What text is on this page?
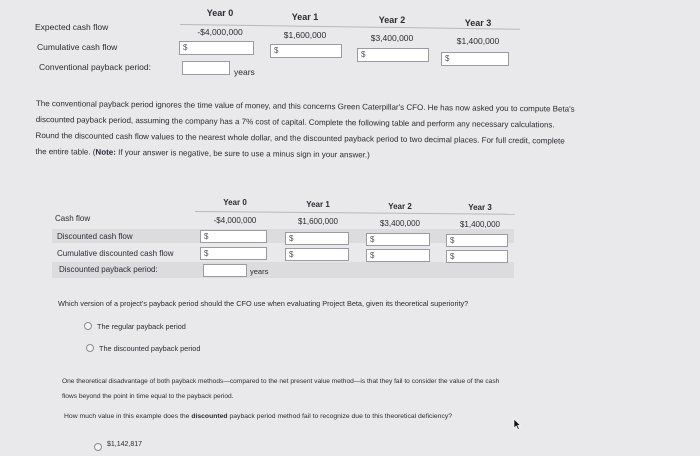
Year 0	Year 1	Year 2	Year 3
Expected cash flow	-$4,000,000	$1,600,000	$3,400,000	$1,400,000
Cumulative cash flow	$	$	$	$
Conventional payback period:	years
The conventional payback period ignores the time value of money, and this concerns Green Caterpillar's CFO. He has now asked you to compute Beta's
discounted payback period, assuming the company has a 7% cost of capital. Complete the following table and perform any necessary calculations.
Round the discounted cash flow values to the nearest whole dollar, and the discounted payback period to two decimal places. For full credit, complete
the entire table. (Note: If your answer is negative, be sure to use a minus sign in your answer.)
Year 0	Year 1	Year 2	Year 3
Cash flow	-$4,000,000	$1,600,000	$3,400,000	$1,400,000
Discounted cash flow	$	$	$	$
Cumulative discounted cash flow	$	$	$	$
Discounted payback period:	years
Which version of a project's payback period should the CFO use when evaluating Project Beta, given its theoretical superiority?
The regular payback period
The discounted payback period
One theoretical disadvantage of both payback methods—compared to the net present value method—is that they fail to consider the value of the cash
flows beyond the point in time equal to the payback period.
How much value in this example does the discounted payback period method fail to recognize due to this theoretical deficiency?
$1,142,817
